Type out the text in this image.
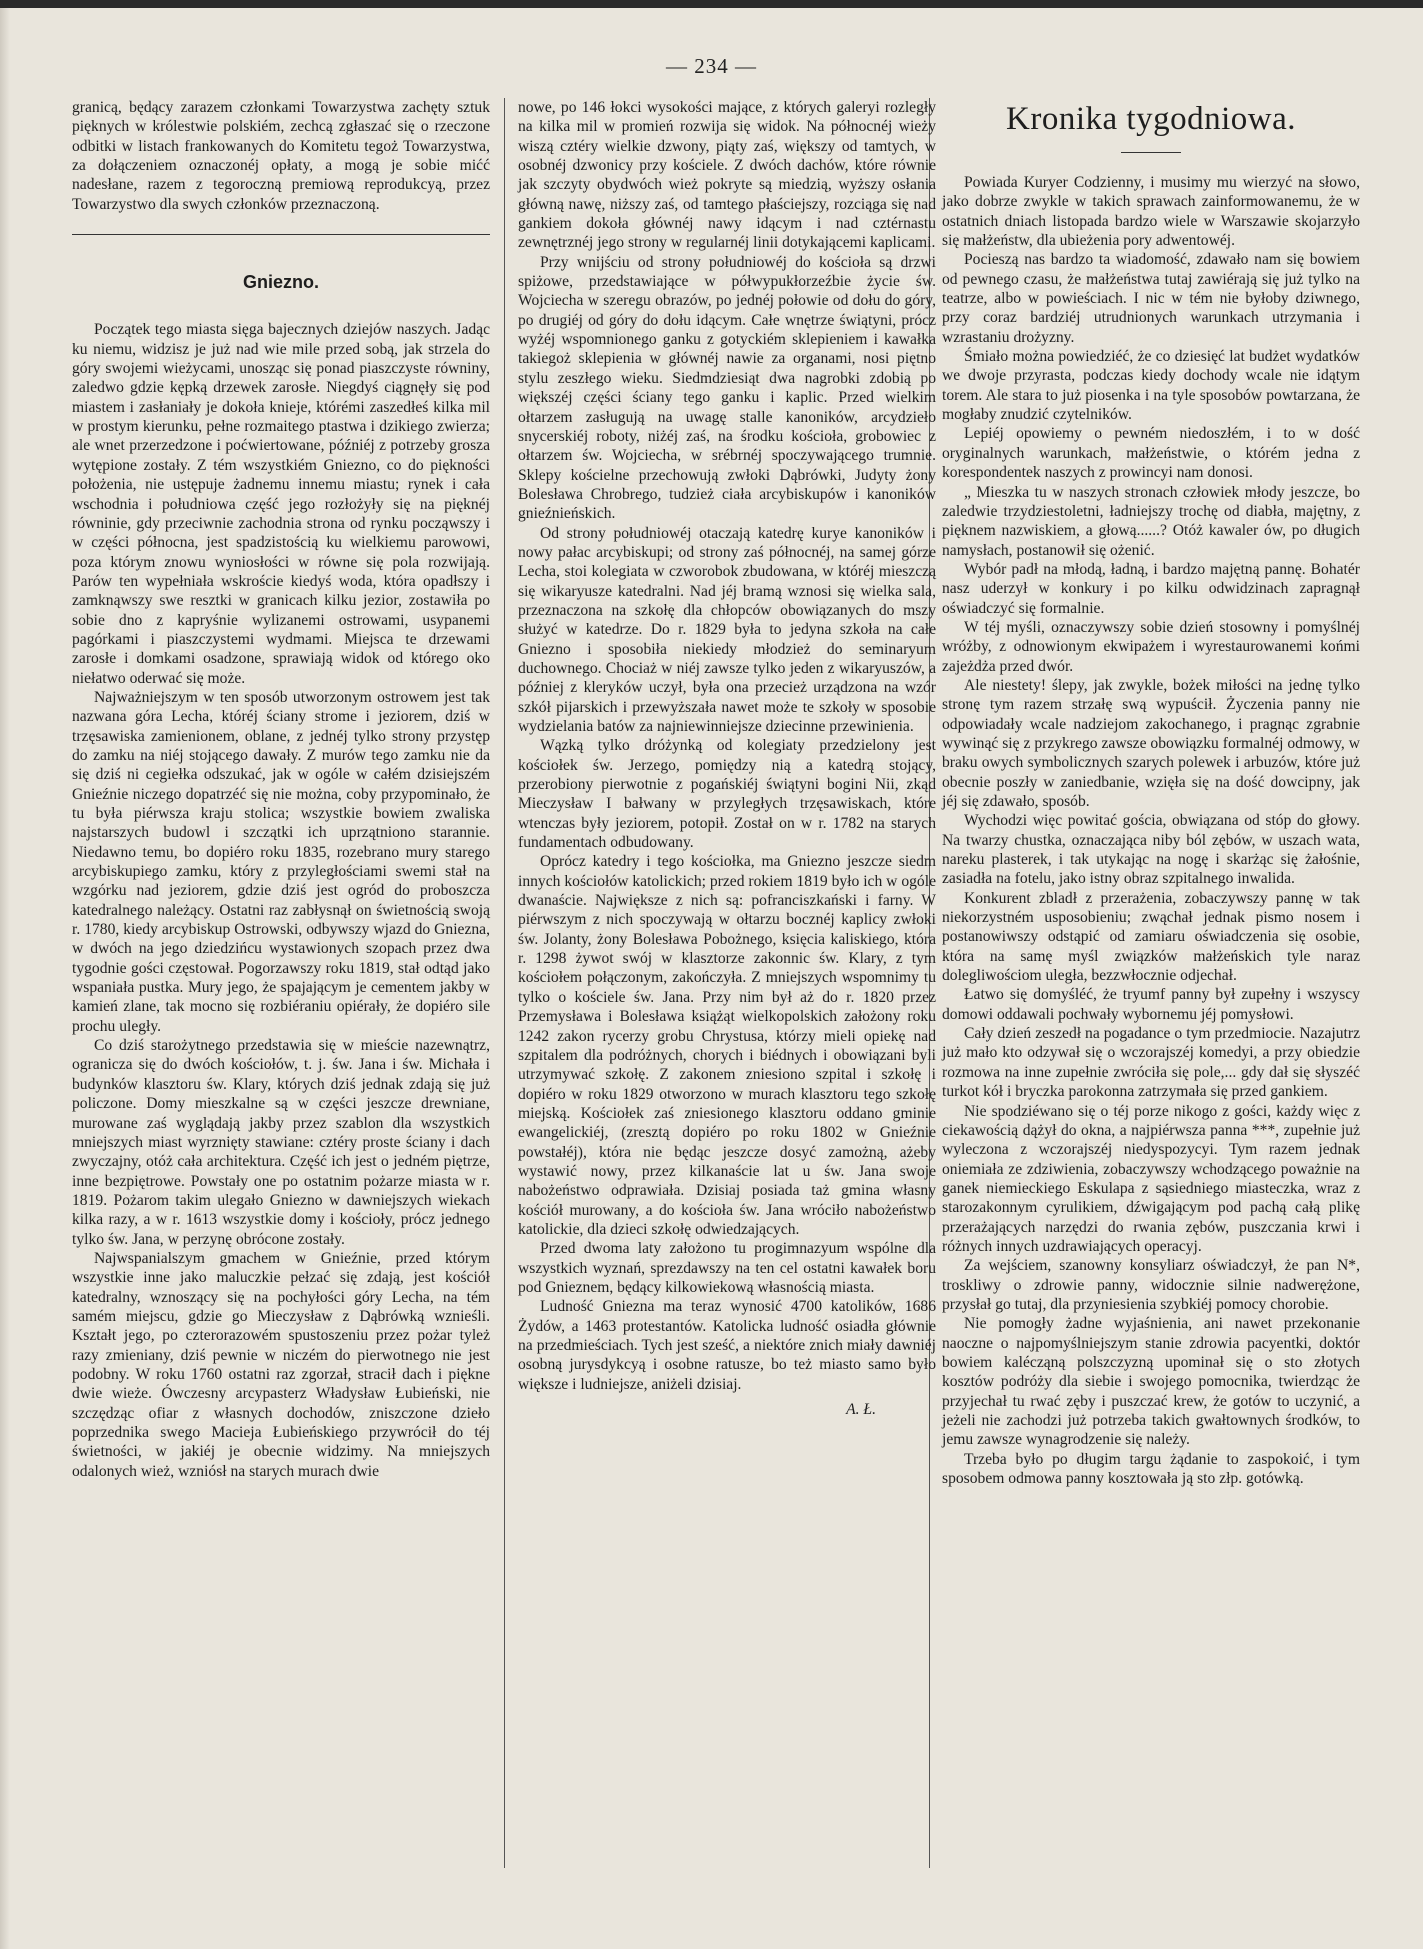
— 234 —

granicą, będący zarazem członkami Towarzystwa zachęty sztuk pięknych w królestwie polskiém, zechcą zgłaszać się o rzeczone odbitki w listach frankowanych do Komitetu tegoż Towarzystwa, za dołączeniem oznaczonéj opłaty, a mogą je sobie mićć nadesłane, razem z tegoroczną premiową reprodukcyą, przez Towarzystwo dla swych członków przeznaczoną.

Gniezno.

Początek tego miasta sięga bajecznych dziejów naszych. Jadąc ku niemu, widzisz je już nad wie mile przed sobą, jak strzela do góry swojemi wieżycami, unosząc się ponad piaszczyste równiny, zaledwo gdzie kępką drzewek zarosłe. Niegdyś ciągnęły się pod miastem i zasłaniały je dokoła knieje, którémi zaszedłeś kilka mil w prostym kierunku, pełne rozmaitego ptastwa i dzikiego zwierza; ale wnet przerzedzone i poćwiertowane, późniéj z potrzeby grosza wytępione zostały. Z tém wszystkiém Gniezno, co do piękności położenia, nie ustępuje żadnemu innemu miastu; rynek i cała wschodnia i południowa część jego rozłożyły się na pięknéj równinie, gdy przeciwnie zachodnia strona od rynku począwszy i w części północna, jest spadzistością ku wielkiemu parowowi, poza którym znowu wyniosłości w równe się pola rozwijają. Parów ten wypełniała wskroście kiedyś woda, która opadłszy i zamknąwszy swe resztki w granicach kilku jezior, zostawiła po sobie dno z kapryśnie wylizanemi ostrowami, usypanemi pagórkami i piaszczystemi wydmami. Miejsca te drzewami zarosłe i domkami osadzone, sprawiają widok od którego oko niełatwo oderwać się może.

Najważniejszym w ten sposób utworzonym ostrowem jest tak nazwana góra Lecha, któréj ściany strome i jeziorem, dziś w trzęsawiska zamienionem, oblane, z jednéj tylko strony przystęp do zamku na niéj stojącego dawały. Z murów tego zamku nie da się dziś ni cegiełka odszukać, jak w ogóle w całém dzisiejszém Gnieźnie niczego dopatrzéć się nie można, coby przypominało, że tu była piérwsza kraju stolica; wszystkie bowiem zwaliska najstarszych budowl i szczątki ich uprzątniono starannie. Niedawno temu, bo dopiéro roku 1835, rozebrano mury starego arcybiskupiego zamku, który z przyległościami swemi stał na wzgórku nad jeziorem, gdzie dziś jest ogród do proboszcza katedralnego należący. Ostatni raz zabłysnął on świetnością swoją r. 1780, kiedy arcybiskup Ostrowski, odbywszy wjazd do Gniezna, w dwóch na jego dziedzińcu wystawionych szopach przez dwa tygodnie gości częstował. Pogorzawszy roku 1819, stał odtąd jako wspaniała pustka. Mury jego, że spajającym je cementem jakby w kamień zlane, tak mocno się rozbiéraniu opiérały, że dopiéro sile prochu uległy.

Co dziś starożytnego przedstawia się w mieście nazewnątrz, ogranicza się do dwóch kościołów, t. j. św. Jana i św. Michała i budynków klasztoru św. Klary, których dziś jednak zdają się już policzone. Domy mieszkalne są w części jeszcze drewniane, murowane zaś wyglądają jakby przez szablon dla wszystkich mniejszych miast wyrznięty stawiane: cztéry proste ściany i dach zwyczajny, otóż cała architektura. Część ich jest o jedném piętrze, inne bezpiętrowe. Powstały one po ostatnim pożarze miasta w r. 1819. Pożarom takim ulegało Gniezno w dawniejszych wiekach kilka razy, a w r. 1613 wszystkie domy i kościoły, prócz jednego tylko św. Jana, w perzynę obrócone zostały.

Najwspanialszym gmachem w Gnieźnie, przed którym wszystkie inne jako maluczkie pełzać się zdają, jest kościół katedralny, wznoszący się na pochyłości góry Lecha, na tém samém miejscu, gdzie go Mieczysław z Dąbrówką wznieśli. Kształt jego, po czterorazowém spustoszeniu przez pożar tyleż razy zmieniany, dziś pewnie w niczém do pierwotnego nie jest podobny. W roku 1760 ostatni raz zgorzał, stracił dach i piękne dwie wieże. Ówczesny arcypasterz Władysław Łubieński, nie szczędząc ofiar z własnych dochodów, zniszczone dzieło poprzednika swego Macieja Łubieńskiego przywrócił do téj świetności, w jakiéj je obecnie widzimy. Na mniejszych odalonych wież, wzniósł na starych murach dwie

nowe, po 146 łokci wysokości mające, z których galeryi rozległy na kilka mil w promień rozwija się widok. Na północnéj wieży wiszą cztéry wielkie dzwony, piąty zaś, większy od tamtych, w osobnéj dzwonicy przy kościele. Z dwóch dachów, które równie jak szczyty obydwóch wież pokryte są miedzią, wyższy osłania główną nawę, niższy zaś, od tamtego płaściejszy, rozciąga się nad gankiem dokoła głównéj nawy idącym i nad cztérnastu zewnętrznéj jego strony w regularnéj linii dotykającemi kaplicami.

Przy wnijściu od strony południowéj do kościoła są drzwi spiżowe, przedstawiające w półwypukłorzeźbie życie św. Wojciecha w szeregu obrazów, po jednéj połowie od dołu do góry, po drugiéj od góry do dołu idącym. Całe wnętrze świątyni, prócz wyżéj wspomnionego ganku z gotyckiém sklepieniem i kawałka takiegoż sklepienia w głównéj nawie za organami, nosi piętno stylu zeszłego wieku. Siedmdziesiąt dwa nagrobki zdobią po większéj części ściany tego ganku i kaplic. Przed wielkim ołtarzem zasługują na uwagę stalle kanoników, arcydzieło snycerskiéj roboty, niżéj zaś, na środku kościoła, grobowiec z ołtarzem św. Wojciecha, w srébrnéj spoczywającego trumnie. Sklepy kościelne przechowują zwłoki Dąbrówki, Judyty żony Bolesława Chrobrego, tudzież ciała arcybiskupów i kanoników gnieźnieńskich.

Od strony południowéj otaczają katedrę kurye kanoników i nowy pałac arcybiskupi; od strony zaś północnéj, na samej górze Lecha, stoi kolegiata w czworobok zbudowana, w któréj mieszczą się wikaryusze katedralni. Nad jéj bramą wznosi się wielka sala, przeznaczona na szkołę dla chłopców obowiązanych do mszy służyć w katedrze. Do r. 1829 była to jedyna szkoła na całe Gniezno i sposobiła niekiedy młodzież do seminaryum duchownego. Chociaż w niéj zawsze tylko jeden z wikaryuszów, a później z kleryków uczył, była ona przecież urządzona na wzór szkół pijarskich i przewyższała nawet może te szkoły w sposobie wydzielania batów za najniewinniejsze dziecinne przewinienia.

Wązką tylko dróżynką od kolegiaty przedzielony jest kościołek św. Jerzego, pomiędzy nią a katedrą stojący, przerobiony pierwotnie z pogańskiéj świątyni bogini Nii, zkąd Mieczysław I bałwany w przyległych trzęsawiskach, które wtenczas były jeziorem, potopił. Został on w r. 1782 na starych fundamentach odbudowany.

Oprócz katedry i tego kościołka, ma Gniezno jeszcze siedm innych kościołów katolickich; przed rokiem 1819 było ich w ogóle dwanaście. Największe z nich są: pofranciszkański i farny. W piérwszym z nich spoczywają w ołtarzu bocznéj kaplicy zwłoki św. Jolanty, żony Bolesława Pobożnego, księcia kaliskiego, która r. 1298 żywot swój w klasztorze zakonnic św. Klary, z tym kościołem połączonym, zakończyła. Z mniejszych wspomnimy tu tylko o kościele św. Jana. Przy nim był aż do r. 1820 przez Przemysława i Bolesława książąt wielkopolskich założony roku 1242 zakon rycerzy grobu Chrystusa, którzy mieli opiekę nad szpitalem dla podróżnych, chorych i biédnych i obowiązani byli utrzymywać szkołę. Z zakonem zniesiono szpital i szkołę i dopiéro w roku 1829 otworzono w murach klasztoru tego szkołę miejską. Kościołek zaś zniesionego klasztoru oddano gminie ewangelickiéj, (zresztą dopiéro po roku 1802 w Gnieźnie powstałéj), która nie będąc jeszcze dosyć zamożną, ażeby wystawić nowy, przez kilkanaście lat u św. Jana swoje nabożeństwo odprawiała. Dzisiaj posiada taż gmina własny kościół murowany, a do kościoła św. Jana wróciło nabożeństwo katolickie, dla dzieci szkołę odwiedzających.

Przed dwoma laty założono tu progimnazyum wspólne dla wszystkich wyznań, sprezdawszy na ten cel ostatni kawałek boru pod Gnieznem, będący kilkowiekową własnością miasta.

Ludność Gniezna ma teraz wynosić 4700 katolików, 1686 Żydów, a 1463 protestantów. Katolicka ludność osiadła głównie na przedmieściach. Tych jest sześć, a niektóre znich miały dawniéj osobną jurysdykcyą i osobne ratusze, bo też miasto samo było większe i ludniejsze, aniżeli dzisiaj.

A. Ł.
Kronika tygodniowa.

Powiada Kuryer Codzienny, i musimy mu wierzyć na słowo, jako dobrze zwykle w takich sprawach zainformowanemu, że w ostatnich dniach listopada bardzo wiele w Warszawie skojarzyło się małżeństw, dla ubieżenia pory adwentowéj.

Pocieszą nas bardzo ta wiadomość, zdawało nam się bowiem od pewnego czasu, że małżeństwa tutaj zawiérają się już tylko na teatrze, albo w powieściach. I nic w tém nie byłoby dziwnego, przy coraz bardziéj utrudnionych warunkach utrzymania i wzrastaniu drożyzny.

Śmiało można powiedziéć, że co dziesięć lat budżet wydatków we dwoje przyrasta, podczas kiedy dochody wcale nie idątym torem. Ale stara to już piosenka i na tyle sposobów powtarzana, że mogłaby znudzić czytelników.

Lepiéj opowiemy o pewném niedoszłém, i to w dość oryginalnych warunkach, małżeństwie, o którém jedna z korespondentek naszych z prowincyi nam donosi.

„ Mieszka tu w naszych stronach człowiek młody jeszcze, bo zaledwie trzydziestoletni, ładniejszy trochę od diabła, majętny, z pięknem nazwiskiem, a głową......? Otóż kawaler ów, po długich namysłach, postanowił się ożenić.

Wybór padł na młodą, ładną, i bardzo majętną pannę. Bohatér nasz uderzył w konkury i po kilku odwidzinach zapragnął oświadczyć się formalnie.

W téj myśli, oznaczywszy sobie dzień stosowny i pomyślnéj wróżby, z odnowionym ekwipażem i wyrestaurowanemi końmi zajeżdża przed dwór.

Ale niestety! ślepy, jak zwykle, bożek miłości na jednę tylko stronę tym razem strzałę swą wypuścił. Życzenia panny nie odpowiadały wcale nadziejom zakochanego, i pragnąc zgrabnie wywinąć się z przykrego zawsze obowiązku formalnéj odmowy, w braku owych symbolicznych szarych polewek i arbuzów, które już obecnie poszły w zaniedbanie, wzięła się na dość dowcipny, jak jéj się zdawało, sposób.

Wychodzi więc powitać gościa, obwiązana od stóp do głowy. Na twarzy chustka, oznaczająca niby ból zębów, w uszach wata, nareku plasterek, i tak utykając na nogę i skarżąc się żałośnie, zasiadła na fotelu, jako istny obraz szpitalnego inwalida.

Konkurent zbladł z przerażenia, zobaczywszy pannę w tak niekorzystném usposobieniu; zwąchał jednak pismo nosem i postanowiwszy odstąpić od zamiaru oświadczenia się osobie, która na samę myśl związków małżeńskich tyle naraz dolegliwościom uległa, bezzwłocznie odjechał.

Łatwo się domyśléć, że tryumf panny był zupełny i wszyscy domowi oddawali pochwały wybornemu jéj pomysłowi.

Cały dzień zeszedł na pogadance o tym przedmiocie. Nazajutrz już mało kto odzywał się o wczorajszéj komedyi, a przy obiedzie rozmowa na inne zupełnie zwróciła się pole,... gdy dał się słyszéć turkot kół i bryczka parokonna zatrzymała się przed gankiem.

Nie spodziéwano się o téj porze nikogo z gości, każdy więc z ciekawością dążył do okna, a najpiérwsza panna ***, zupełnie już wyleczona z wczorajszéj niedyspozycyi. Tym razem jednak oniemiała ze zdziwienia, zobaczywszy wchodzącego poważnie na ganek niemieckiego Eskulapa z sąsiedniego miasteczka, wraz z starozakonnym cyrulikiem, dźwigającym pod pachą całą plikę przerażających narzędzi do rwania zębów, puszczania krwi i różnych innych uzdrawiających operacyj.

Za wejściem, szanowny konsyliarz oświadczył, że pan N*, troskliwy o zdrowie panny, widocznie silnie nadwerężone, przysłał go tutaj, dla przyniesienia szybkiéj pomocy chorobie.

Nie pomogły żadne wyjaśnienia, ani nawet przekonanie naoczne o najpomyślniejszym stanie zdrowia pacyentki, doktór bowiem kalécząną polszczyzną upominał się o sto złotych kosztów podróży dla siebie i swojego pomocnika, twierdząc że przyjechał tu rwać zęby i puszczać krew, że gotów to uczynić, a jeżeli nie zachodzi już potrzeba takich gwałtownych środków, to jemu zawsze wynagrodzenie się należy.

Trzeba było po długim targu żądanie to zaspokoić, i tym sposobem odmowa panny kosztowała ją sto złp. gotówką.
